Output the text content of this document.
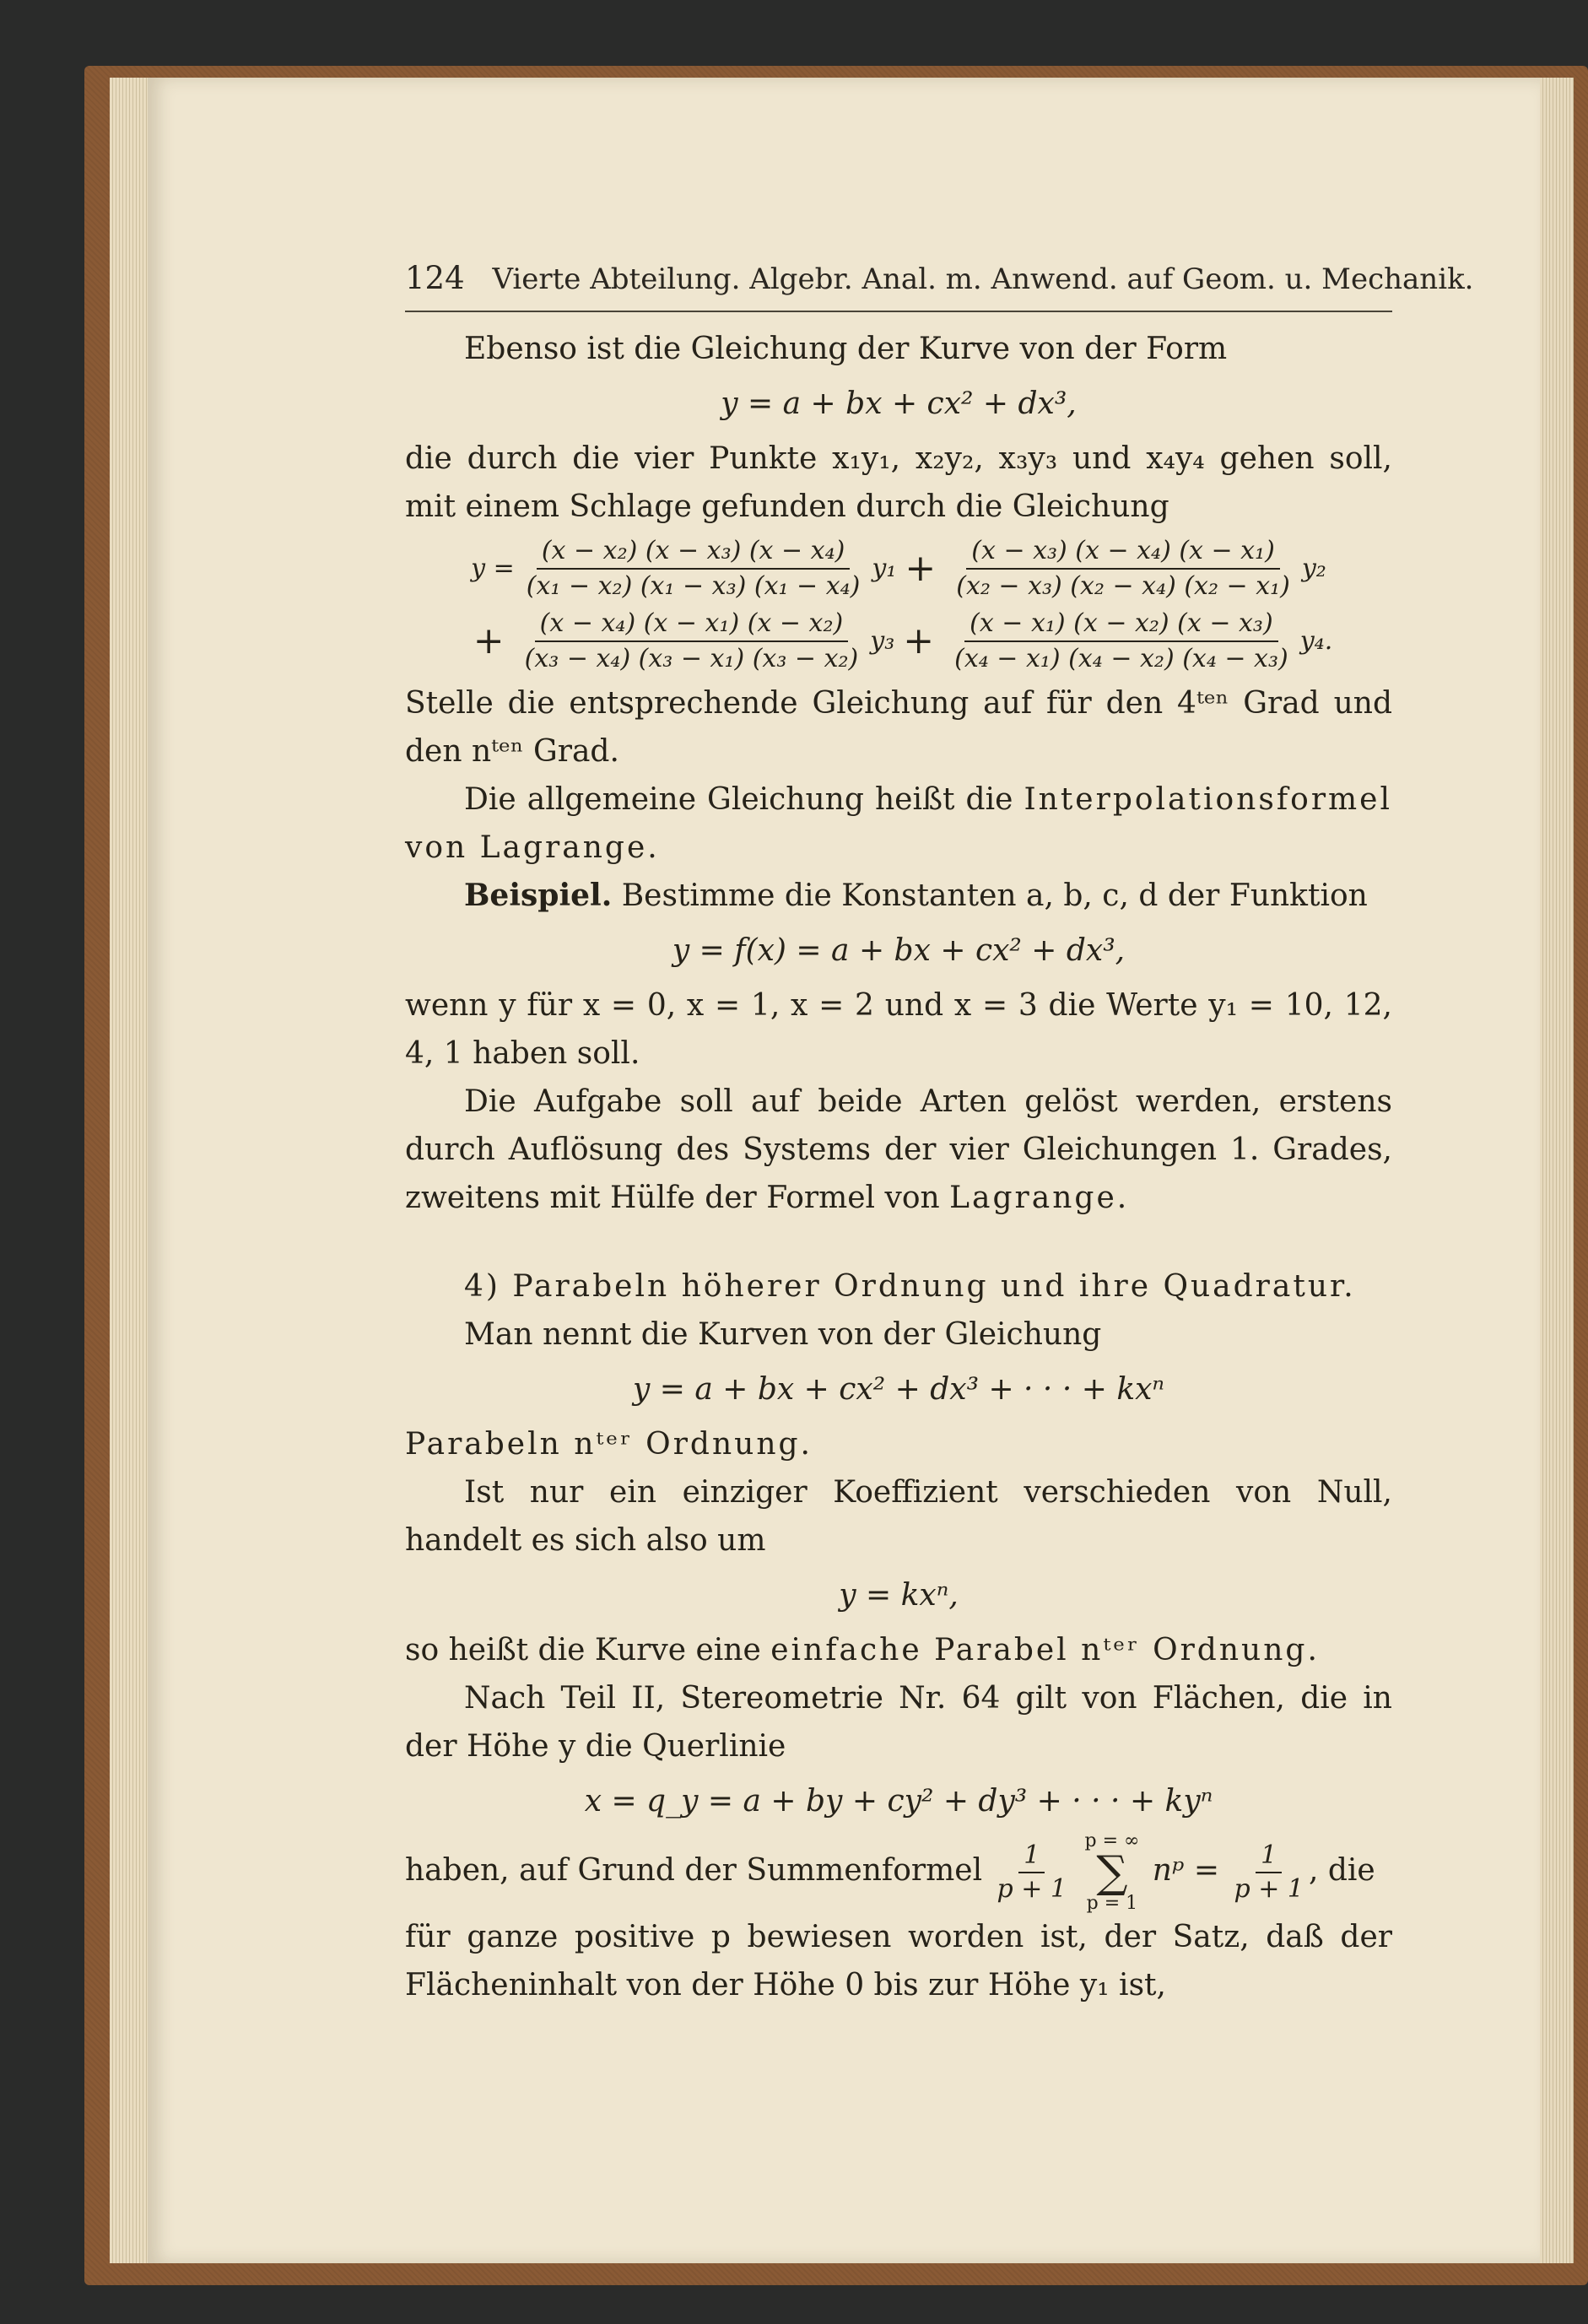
124 Vierte Abteilung. Algebr. Anal. m. Anwend. auf Geom. u. Mechanik.

Ebenso ist die Gleichung der Kurve von der Form

y = a + bx + cx² + dx³,

die durch die vier Punkte x₁y₁, x₂y₂, x₃y₃ und x₄y₄ gehen soll, mit einem Schlage gefunden durch die Gleichung

$y = \frac{\text{(x − x₂) (x − x₃) (x − x₄)}}{\text{(x₁ − x₂) (x₁ − x₃) (x₁ − x₄)}} y_1 + \frac{\text{(x − x₃) (x − x₄) (x − x₁)}}{\text{(x₂ − x₃) (x₂ − x₄) (x₂ − x₁)}} y_2$
+ $\frac{\text{(x − x₄) (x − x₁) (x − x₂)}}{\text{(x₃ − x₄) (x₃ − x₁) (x₃ − x₂)}} y_3 + \frac{\text{(x − x₁) (x − x₂) (x − x₃)}}{\text{(x₄ − x₁) (x₄ − x₂) (x₄ − x₃)}} y_4$.

Stelle die entsprechende Gleichung auf für den 4ᵗᵉⁿ Grad und den nᵗᵉⁿ Grad.

Die allgemeine Gleichung heißt die Interpolationsformel von Lagrange.

Beispiel. Bestimme die Konstanten a, b, c, d der Funktion

y = f(x) = a + bx + cx² + dx³,

wenn y für x = 0, x = 1, x = 2 und x = 3 die Werte y₁ = 10, 12, 4, 1 haben soll.

Die Aufgabe soll auf beide Arten gelöst werden, erstens durch Auflösung des Systems der vier Gleichungen 1. Grades, zweitens mit Hülfe der Formel von Lagrange.

4) Parabeln höherer Ordnung und ihre Quadratur.

Man nennt die Kurven von der Gleichung

y = a + bx + cx² + dx³ + · · · + kxⁿ

Parabeln nᵗᵉʳ Ordnung.

Ist nur ein einziger Koeffizient verschieden von Null, handelt es sich also um

y = kxⁿ,

so heißt die Kurve eine einfache Parabel nᵗᵉʳ Ordnung.

Nach Teil II, Stereometrie Nr. 64 gilt von Flächen, die in der Höhe y die Querlinie

x = q_y = a + by + cy² + dy³ + · · · + kyⁿ

haben, auf Grund der Summenformel $\frac{1}{p + 1}$
p = ∞
∑
p = 1
nᵖ = $\frac{1}{p + 1}$ , die

für ganze positive p bewiesen worden ist, der Satz, daß der Flächeninhalt von der Höhe 0 bis zur Höhe y₁ ist,
